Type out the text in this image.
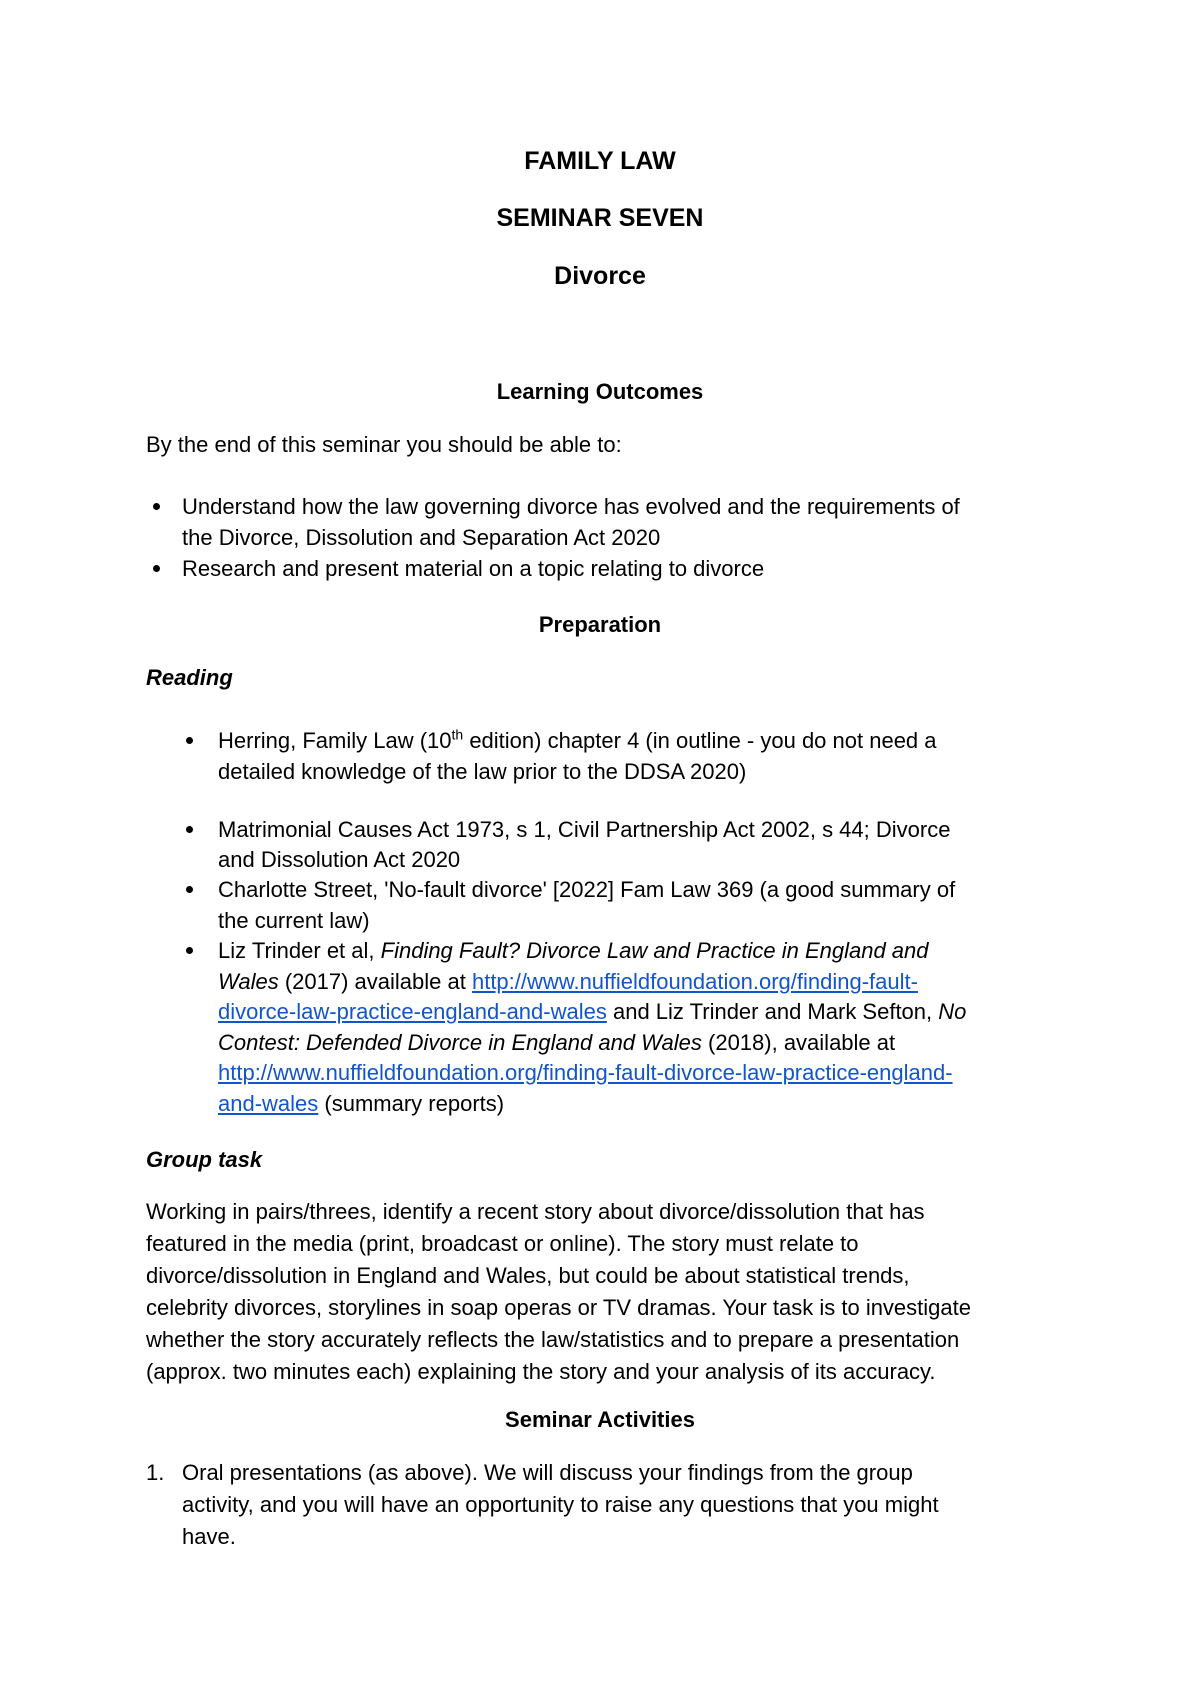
FAMILY LAW
SEMINAR SEVEN
Divorce
Learning Outcomes
By the end of this seminar you should be able to:
Understand how the law governing divorce has evolved and the requirements of
the Divorce, Dissolution and Separation Act 2020
Research and present material on a topic relating to divorce
Preparation
Reading
Herring, Family Law (10th edition) chapter 4 (in outline - you do not need a
detailed knowledge of the law prior to the DDSA 2020)
Matrimonial Causes Act 1973, s 1, Civil Partnership Act 2002, s 44; Divorce
and Dissolution Act 2020
Charlotte Street, 'No-fault divorce' [2022] Fam Law 369 (a good summary of
the current law)
Liz Trinder et al, Finding Fault? Divorce Law and Practice in England and
Wales (2017) available at http://www.nuffieldfoundation.org/finding-fault-
divorce-law-practice-england-and-wales and Liz Trinder and Mark Sefton, No
Contest: Defended Divorce in England and Wales (2018), available at
http://www.nuffieldfoundation.org/finding-fault-divorce-law-practice-england-
and-wales (summary reports)
Group task
Working in pairs/threes, identify a recent story about divorce/dissolution that has
featured in the media (print, broadcast or online). The story must relate to
divorce/dissolution in England and Wales, but could be about statistical trends,
celebrity divorces, storylines in soap operas or TV dramas. Your task is to investigate
whether the story accurately reflects the law/statistics and to prepare a presentation
(approx. two minutes each) explaining the story and your analysis of its accuracy.
Seminar Activities
1. Oral presentations (as above). We will discuss your findings from the group
activity, and you will have an opportunity to raise any questions that you might
have.
